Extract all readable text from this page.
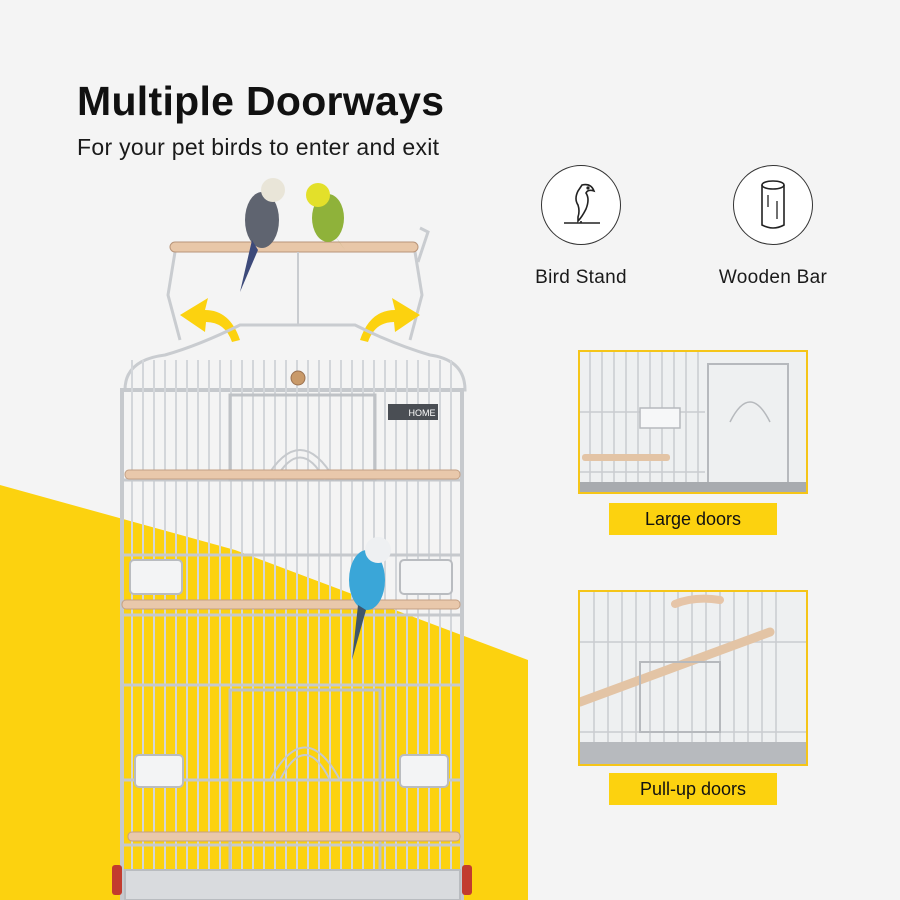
HOME
Multiple Doorways

For your pet birds to enter and exit

Bird Stand	Wooden Bar
Large doors
Pull-up doors
